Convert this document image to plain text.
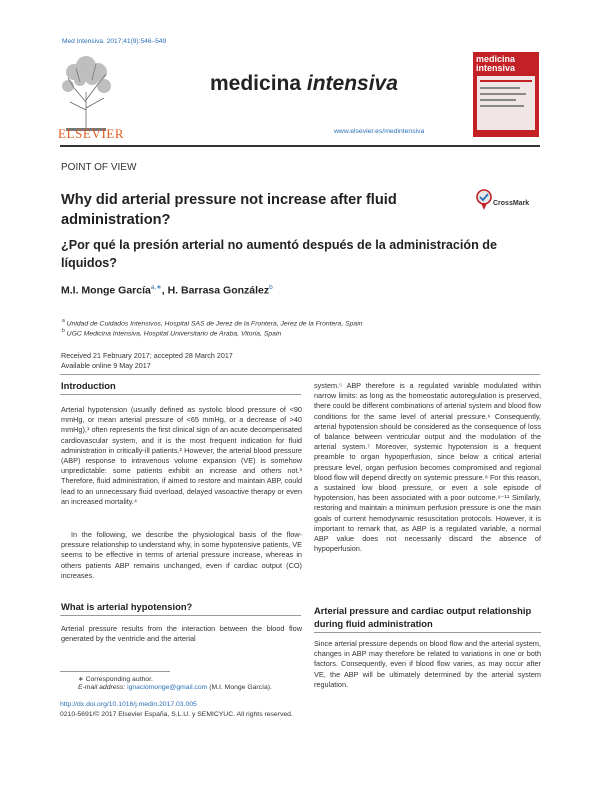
Med Intensiva. 2017;41(9):546–549
ELSEVIER
medicina intensiva
www.elsevier.es/medintensiva
medicina intensiva
POINT OF VIEW
Why did arterial pressure not increase after fluid administration?
CrossMark
¿Por qué la presión arterial no aumentó después de la administración de líquidos?
M.I. Monge García$^{a,∗}$, H. Barrasa González$^b$
$^a$ Unidad de Cuidados Intensivos, Hospital SAS de Jerez de la Frontera, Jerez de la Frontera, Spain
$^b$ UGC Medicina Intensiva, Hospital Universitario de Araba, Vitoria, Spain
Received 21 February 2017; accepted 28 March 2017
Available online 9 May 2017
Introduction
Arterial hypotension (usually defined as systolic blood pressure of <90 mmHg, or mean arterial pressure of <65 mmHg, or a decrease of >40 mmHg),¹ often represents the first clinical sign of an acute decompensated cardiovascular system, and it is the most frequent indication for fluid administration in critically-ill patients.² However, the arterial blood pressure (ABP) response to intravenous volume expansion (VE) is somehow unpredictable: some patients exhibit an increase and others not.³ Therefore, fluid administration, if aimed to restore and maintain ABP, could lead to an unnecessary fluid overload, delayed vasoactive therapy or even an increased mortality.⁴
In the following, we describe the physiological basis of the flow-pressure relationship to understand why, in some hypotensive patients, VE seems to be effective in terms of arterial pressure increase, whereas in others patients ABP remains unchanged, even if cardiac output (CO) increases.
What is arterial hypotension?
Arterial pressure results from the interaction between the blood flow generated by the ventricle and the arterial
system.⁵ ABP therefore is a regulated variable modulated within narrow limits: as long as the homeostatic autoregulation is preserved, there could be different combinations of arterial system and blood flow conditions for the same level of arterial pressure.⁶ Consequently, arterial hypotension should be considered as the consequence of loss of balance between ventricular output and the modulation of the arterial system.⁷ Moreover, systemic hypotension is a frequent preamble to organ hypoperfusion, since below a critical arterial pressure level, organ perfusion becomes compromised and regional blood flow will depend directly on systemic pressure.⁸ For this reason, a sustained low blood pressure, or even a sole episode of hypotension, has been associated with a poor outcome.⁹⁻¹¹ Similarly, restoring and maintain a minimum perfusion pressure is one the main goals of current hemodynamic resuscitation protocols. However, it is important to remark that, as ABP is a regulated variable, a normal ABP value does not necessarily discard the absence of hypoperfusion.
Arterial pressure and cardiac output relationship during fluid administration
Since arterial pressure depends on blood flow and the arterial system, changes in ABP may therefore be related to variations in one or both factors. Consequently, even if blood flow varies, as may occur after VE, the ABP will be ultimately determined by the arterial system regulation.
∗ Corresponding author.
E-mail address: ignaciomonge@gmail.com (M.I. Monge García).
http://dx.doi.org/10.1016/j.medin.2017.03.005
0210-5691/© 2017 Elsevier España, S.L.U. y SEMICYUC. All rights reserved.
